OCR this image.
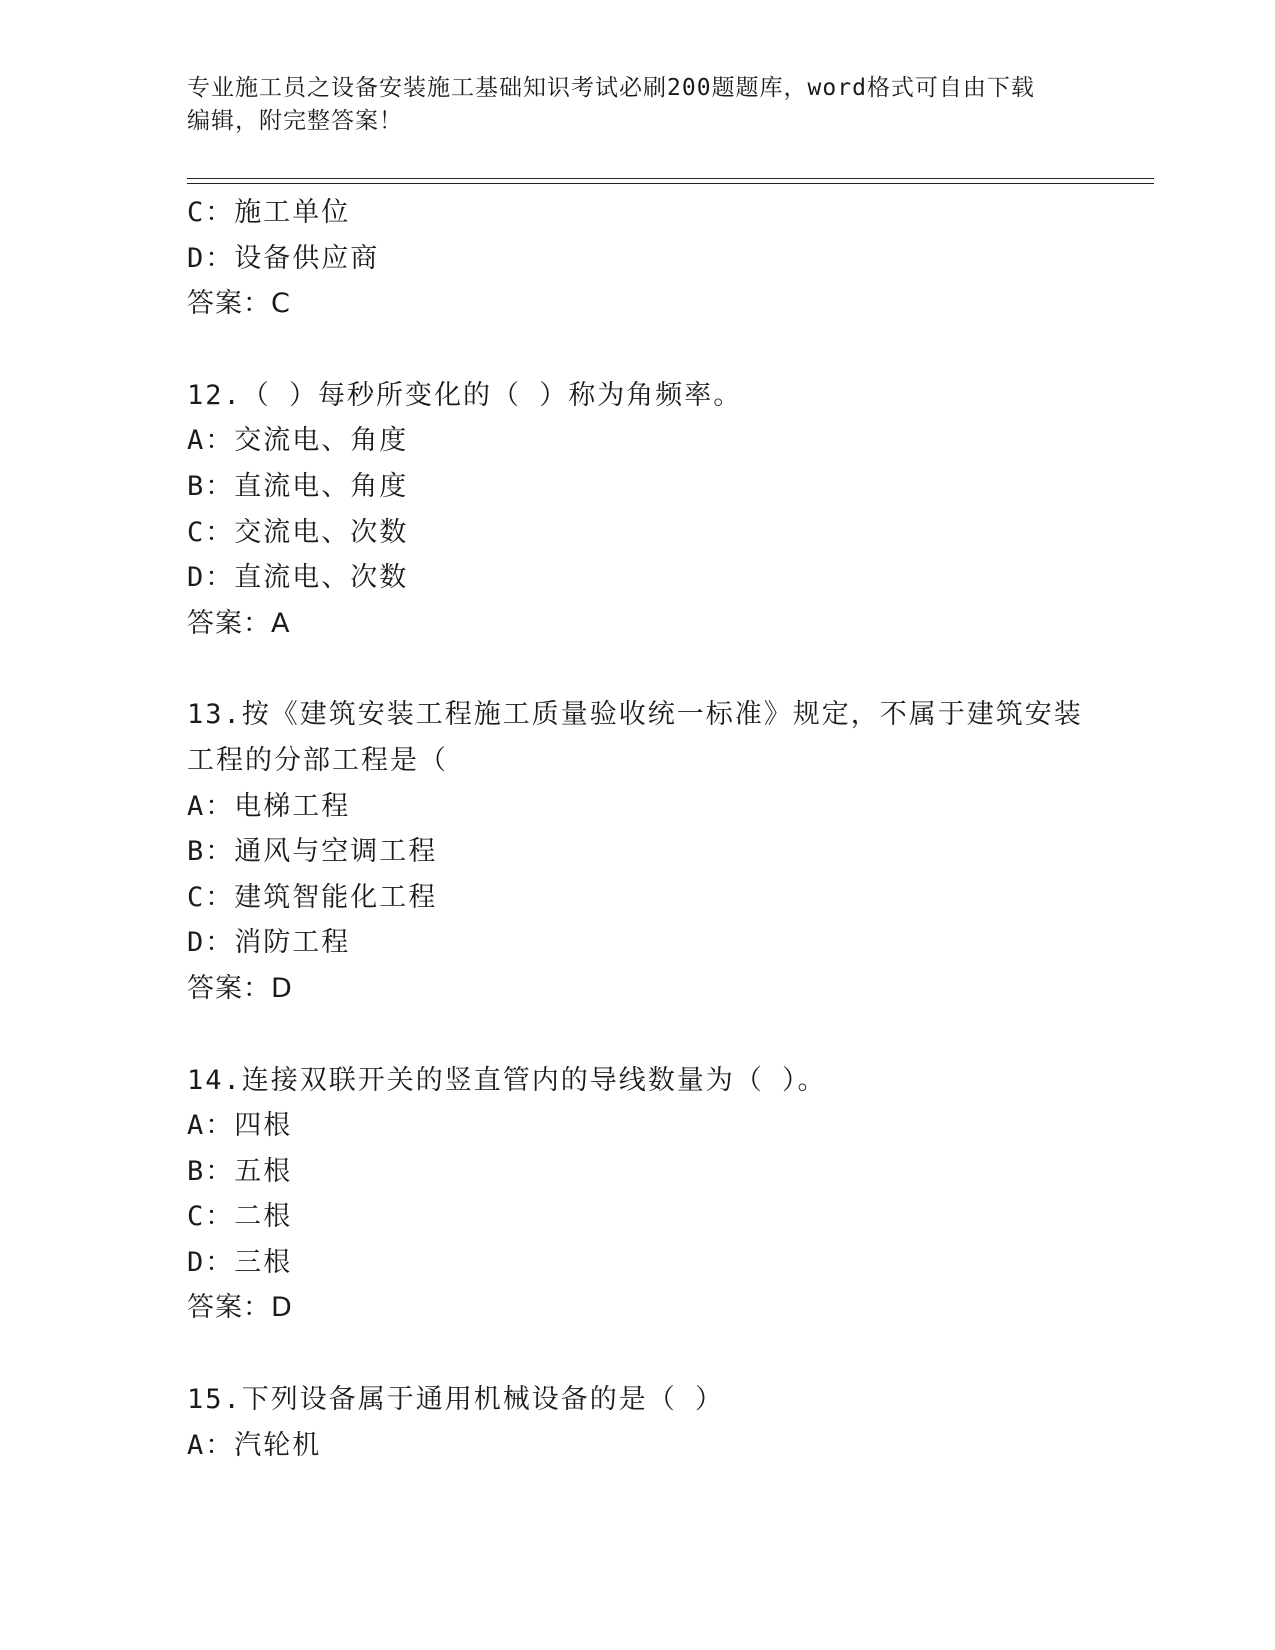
专业施工员之设备安装施工基础知识考试必刷200题题库，word格式可自由下载
编辑，附完整答案！
C：施工单位
D：设备供应商
答案：C
12.（ ）每秒所变化的（ ）称为角频率。
A：交流电、角度
B：直流电、角度
C：交流电、次数
D：直流电、次数
答案：A
13.按《建筑安装工程施工质量验收统一标准》规定，不属于建筑安装
工程的分部工程是（
A：电梯工程
B：通风与空调工程
C：建筑智能化工程
D：消防工程
答案：D
14.连接双联开关的竖直管内的导线数量为（ ）。
A：四根
B：五根
C：二根
D：三根
答案：D
15.下列设备属于通用机械设备的是（ ）
A：汽轮机
